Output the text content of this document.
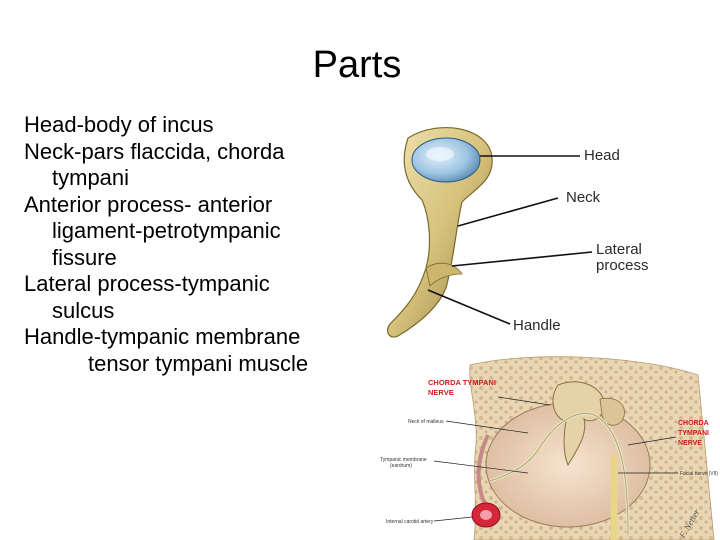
Parts
Head-body of incus
Neck-pars flaccida, chorda
tympani
Anterior process- anterior
ligament-petrotympanic
fissure
Lateral process-tympanic
sulcus
Handle-tympanic membrane
tensor tympani muscle
Head
Neck
Lateral
process
Handle
CHORDA TYMPANI
NERVE
CHORDA
TYMPANI
NERVE
Neck of malleus
Tympanic membrane
(eardrum)
Facial nerve (VII)
Internal carotid artery	F. Netter
